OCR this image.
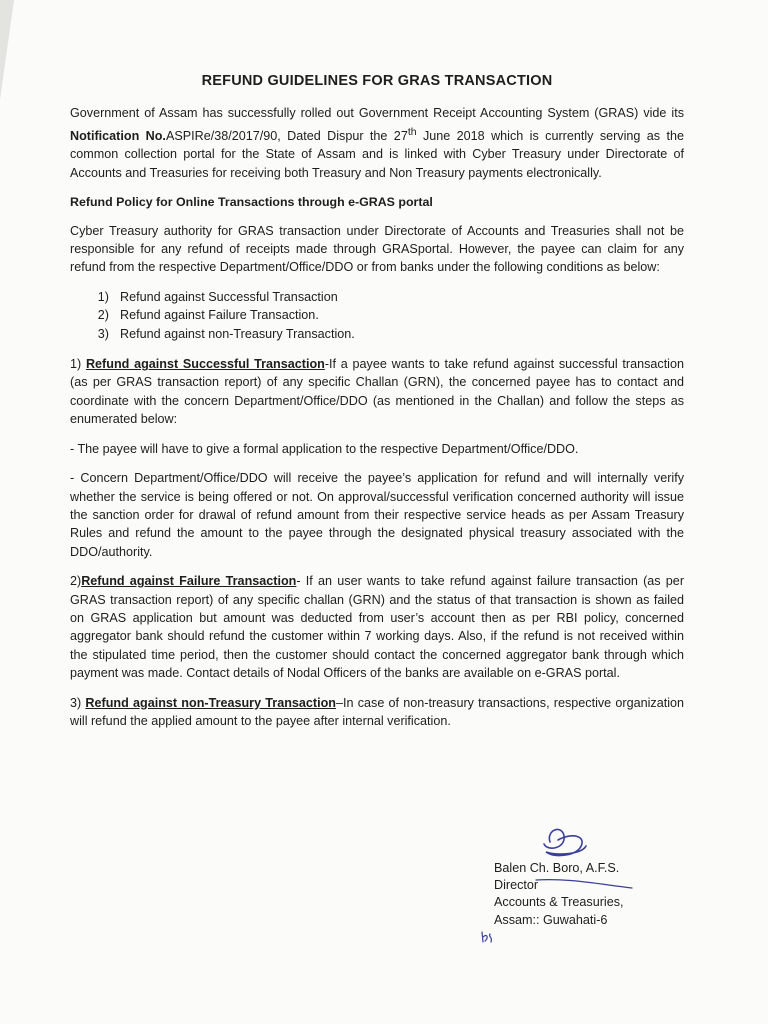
REFUND GUIDELINES FOR GRAS TRANSACTION

Government of Assam has successfully rolled out Government Receipt Accounting System (GRAS) vide its Notification No.ASPIRe/38/2017/90, Dated Dispur the 27th June 2018 which is currently serving as the common collection portal for the State of Assam and is linked with Cyber Treasury under Directorate of Accounts and Treasuries for receiving both Treasury and Non Treasury payments electronically.

Refund Policy for Online Transactions through e-GRAS portal

Cyber Treasury authority for GRAS transaction under Directorate of Accounts and Treasuries shall not be responsible for any refund of receipts made through GRASportal. However, the payee can claim for any refund from the respective Department/Office/DDO or from banks under the following conditions as below:

1. Refund against Successful Transaction
2. Refund against Failure Transaction.
3. Refund against non-Treasury Transaction.

1) Refund against Successful Transaction-If a payee wants to take refund against successful transaction (as per GRAS transaction report) of any specific Challan (GRN), the concerned payee has to contact and coordinate with the concern Department/Office/DDO (as mentioned in the Challan) and follow the steps as enumerated below:

- The payee will have to give a formal application to the respective Department/Office/DDO.

- Concern Department/Office/DDO will receive the payee’s application for refund and will internally verify whether the service is being offered or not. On approval/successful verification concerned authority will issue the sanction order for drawal of refund amount from their respective service heads as per Assam Treasury Rules and refund the amount to the payee through the designated physical treasury associated with the DDO/authority.

2)Refund against Failure Transaction- If an user wants to take refund against failure transaction (as per GRAS transaction report) of any specific challan (GRN) and the status of that transaction is shown as failed on GRAS application but amount was deducted from user’s account then as per RBI policy, concerned aggregator bank should refund the customer within 7 working days. Also, if the refund is not received within the stipulated time period, then the customer should contact the concerned aggregator bank through which payment was made. Contact details of Nodal Officers of the banks are available on e-GRAS portal.

3) Refund against non-Treasury Transaction–In case of non-treasury transactions, respective organization will refund the applied amount to the payee after internal verification.

Balen Ch. Boro, A.F.S.
Director
Accounts & Treasuries,
Assam:: Guwahati-6
